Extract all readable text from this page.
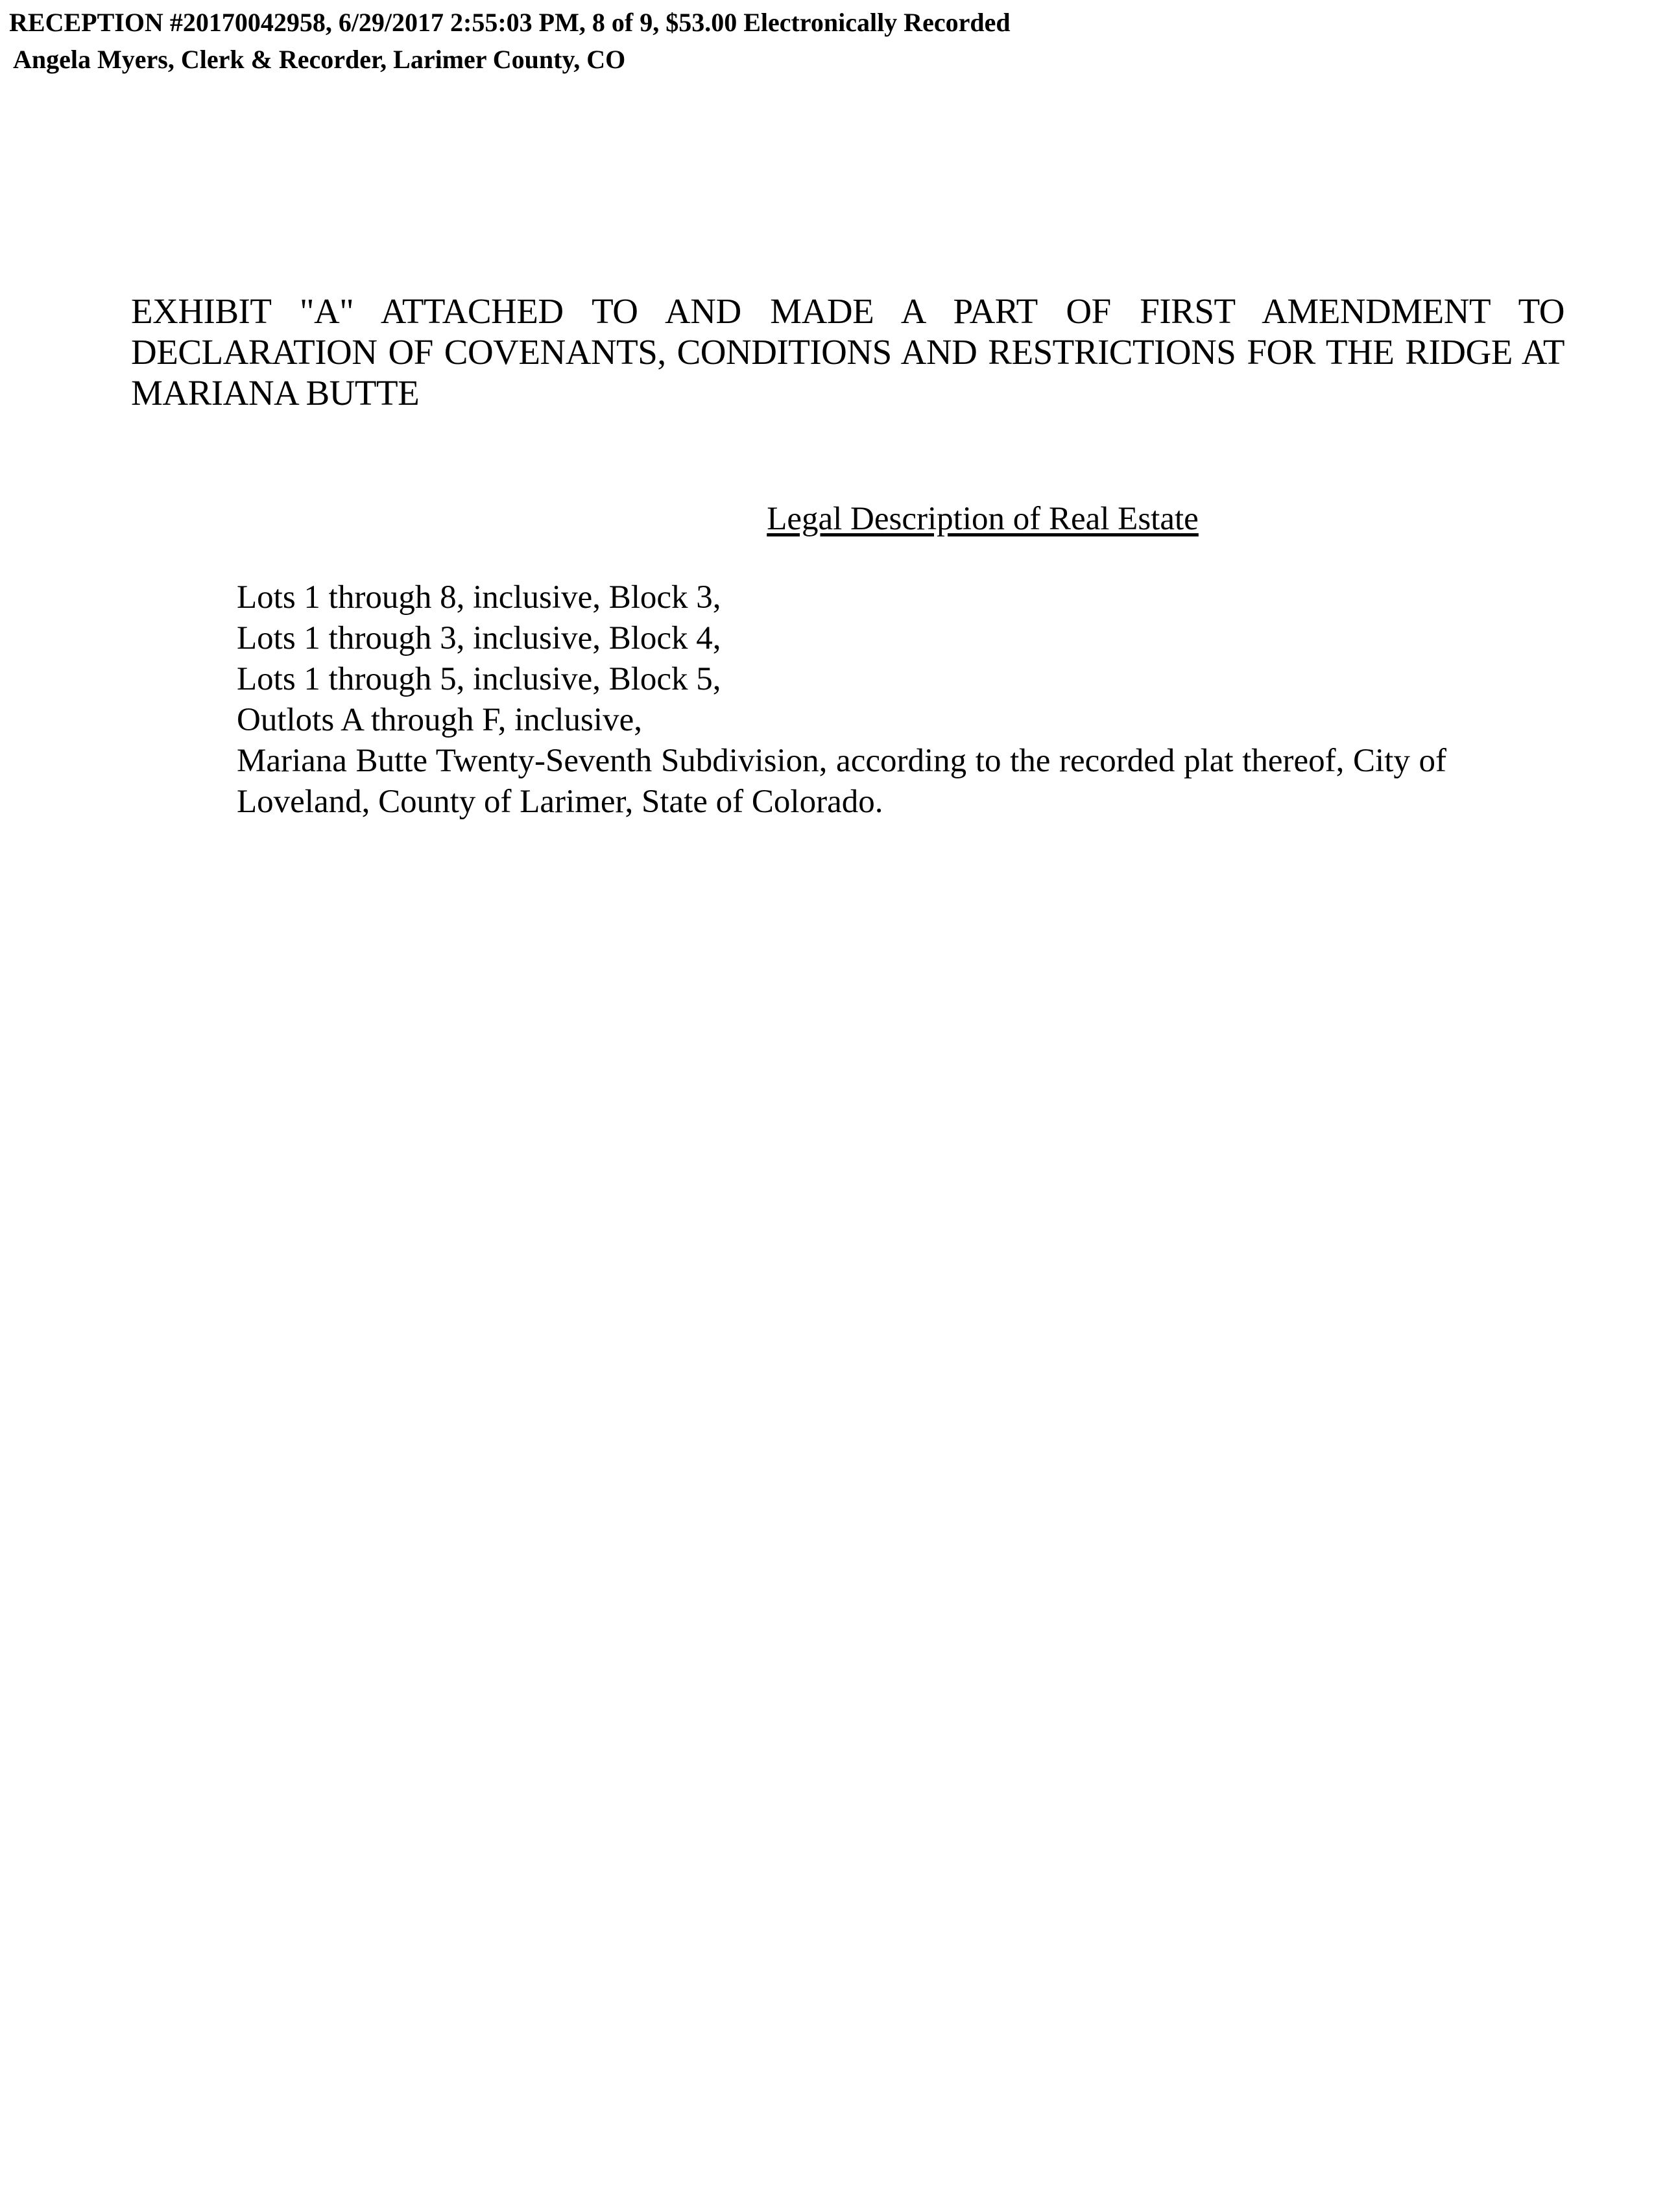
RECEPTION #20170042958, 6/29/2017 2:55:03 PM, 8 of 9, $53.00 Electronically Recorded
Angela Myers, Clerk & Recorder, Larimer County, CO
EXHIBIT "A" ATTACHED TO AND MADE A PART OF FIRST AMENDMENT TO DECLARATION OF COVENANTS, CONDITIONS AND RESTRICTIONS FOR THE RIDGE AT MARIANA BUTTE
Legal Description of Real Estate
Lots 1 through 8, inclusive, Block 3,
Lots 1 through 3, inclusive, Block 4,
Lots 1 through 5, inclusive, Block 5,
Outlots A through F, inclusive,
Mariana Butte Twenty-Seventh Subdivision, according to the recorded plat thereof, City of Loveland, County of Larimer, State of Colorado.
